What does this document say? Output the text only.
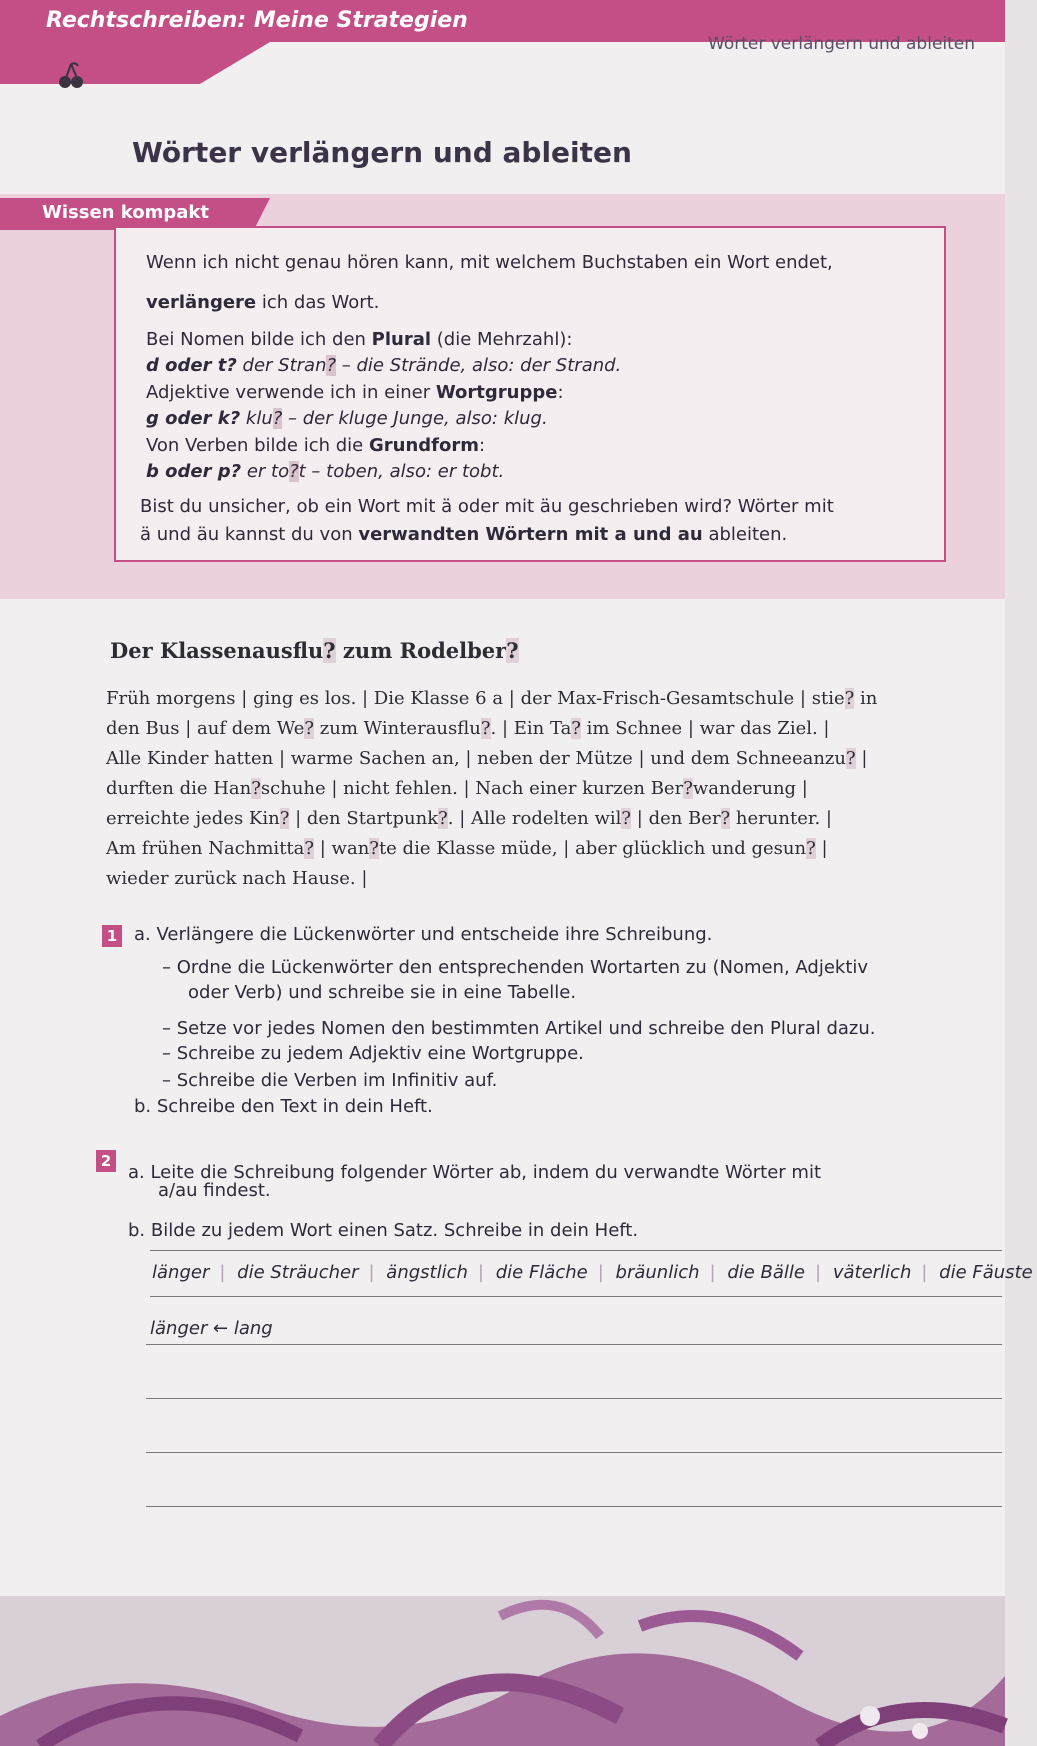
Rechtschreiben: Meine Strategien
Wörter verlängern und ableiten
Wörter verlängern und ableiten
Wissen kompakt
Wenn ich nicht genau hören kann, mit welchem Buchstaben ein Wort endet,
verlängere ich das Wort.
Bei Nomen bilde ich den Plural (die Mehrzahl):
d oder t? der Stran? – die Strände, also: der Strand.
Adjektive verwende ich in einer Wortgruppe:
g oder k? klu? – der kluge Junge, also: klug.
Von Verben bilde ich die Grundform:
b oder p? er to?t – toben, also: er tobt.
Bist du unsicher, ob ein Wort mit ä oder mit äu geschrieben wird? Wörter mit
ä und äu kannst du von verwandten Wörtern mit a und au ableiten.
Der Klassenausflu? zum Rodelber?
Früh morgens | ging es los. | Die Klasse 6 a | der Max-Frisch-Gesamtschule | stie? in
den Bus | auf dem We? zum Winterausflu?. | Ein Ta? im Schnee | war das Ziel. |
Alle Kinder hatten | warme Sachen an, | neben der Mütze | und dem Schneeanzu? |
durften die Han?schuhe | nicht fehlen. | Nach einer kurzen Ber?wanderung |
erreichte jedes Kin? | den Startpunk?. | Alle rodelten wil? | den Ber? herunter. |
Am frühen Nachmitta? | wan?te die Klasse müde, | aber glücklich und gesun? |
wieder zurück nach Hause. |
1 a. Verlängere die Lückenwörter und entscheide ihre Schreibung.
– Ordne die Lückenwörter den entsprechenden Wortarten zu (Nomen, Adjektiv
oder Verb) und schreibe sie in eine Tabelle.
– Setze vor jedes Nomen den bestimmten Artikel und schreibe den Plural dazu.
– Schreibe zu jedem Adjektiv eine Wortgruppe.
– Schreibe die Verben im Infinitiv auf.
b. Schreibe den Text in dein Heft.
2
a. Leite die Schreibung folgender Wörter ab, indem du verwandte Wörter mit
a/au findest.
b. Bilde zu jedem Wort einen Satz. Schreibe in dein Heft.
länger | die Sträucher | ängstlich | die Fläche | bräunlich | die Bälle | väterlich | die Fäuste
länger ← lang
